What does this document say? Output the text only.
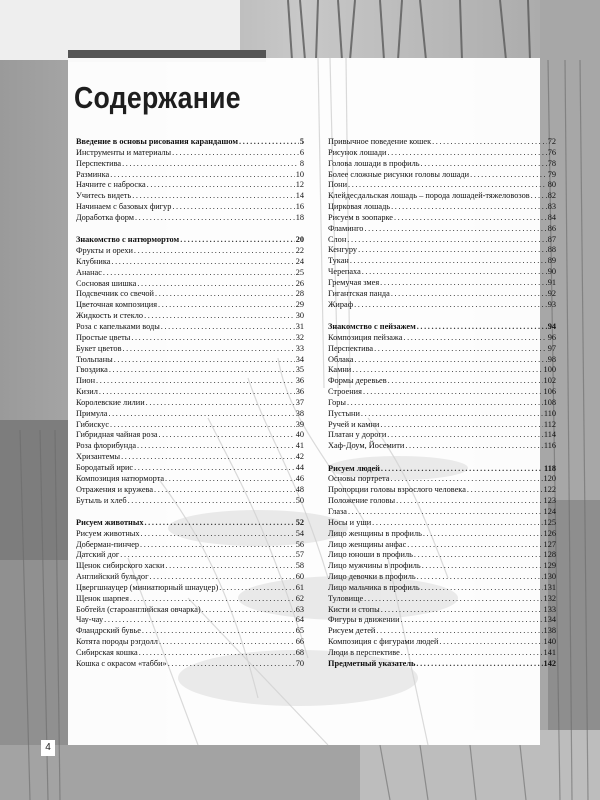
Содержание
Введение в основы рисования карандашом .....	5
Инструменты и материалы .....	6
Перспектива .....	8
Разминка .....	10
Начните с наброска .....	12
Учитесь видеть .....	14
Начинаем с базовых фигур .....	16
Доработка форм .....	18
Знакомство с натюрмортом .....	20
Фрукты и орехи .....	22
Клубника .....	24
Ананас .....	25
Сосновая шишка .....	26
Подсвечник со свечой .....	28
Цветочная композиция .....	29
Жидкость и стекло .....	30
Роза с капельками воды .....	31
Простые цветы .....	32
Букет цветов .....	33
Тюльпаны .....	34
Гвоздика .....	35
Пион .....	36
Кизил .....	36
Королевские лилии .....	37
Примула .....	38
Гибискус .....	39
Гибридная чайная роза .....	40
Роза флорибунда .....	41
Хризантемы .....	42
Бородатый ирис .....	44
Композиция натюрморта .....	46
Отражения и кружева .....	48
Бутыль и хлеб .....	50
Рисуем животных .....	52
Рисуем животных .....	54
Доберман-пинчер .....	56
Датский дог .....	57
Щенок сибирского хаски .....	58
Английский бульдог .....	60
Цвергшнауцер (миниатюрный шнауцер) .....	61
Щенок шарпея .....	62
Бобтейл (староанглийская овчарка) .....	63
Чау-чау .....	64
Фландрский бувье .....	65
Котята породы рэгдолл .....	66
Сибирская кошка .....	68
Кошка с окрасом «табби» .....	70
Привычное поведение кошек .....	72
Рисунок лошади .....	76
Голова лошади в профиль .....	78
Более сложные рисунки головы лошади .....	79
Пони .....	80
Клейдесдальская лошадь – порода лошадей-тяжеловозов ..... 82
Цирковая лошадь .....	83
Рисуем в зоопарке .....	84
Фламинго .....	86
Слон .....	87
Кенгуру .....	88
Тукан .....	89
Черепаха .....	90
Гремучая змея .....	91
Гигантская панда .....	92
Жираф .....	93
Знакомство с пейзажем .....	94
Композиция пейзажа .....	96
Перспектива .....	97
Облака .....	98
Камни .....	100
Формы деревьев .....	102
Строения .....	106
Горы .....	108
Пустыни .....	110
Ручей и камни .....	112
Платан у дороги .....	114
Хаф-Доум, Йосемити .....	116
Рисуем людей .....	118
Основы портрета .....	120
Пропорции головы взрослого человека .....	122
Положение головы .....	123
Глаза .....	124
Носы и уши .....	125
Лицо женщины в профиль .....	126
Лицо женщины анфас .....	127
Лицо юноши в профиль .....	128
Лицо мужчины в профиль .....	129
Лицо девочки в профиль .....	130
Лицо мальчика в профиль .....	131
Туловище .....	132
Кисти и стопы .....	133
Фигуры в движении .....	134
Рисуем детей .....	138
Композиция с фигурами людей .....	140
Люди в перспективе .....	141
Предметный указатель .....	142
4
